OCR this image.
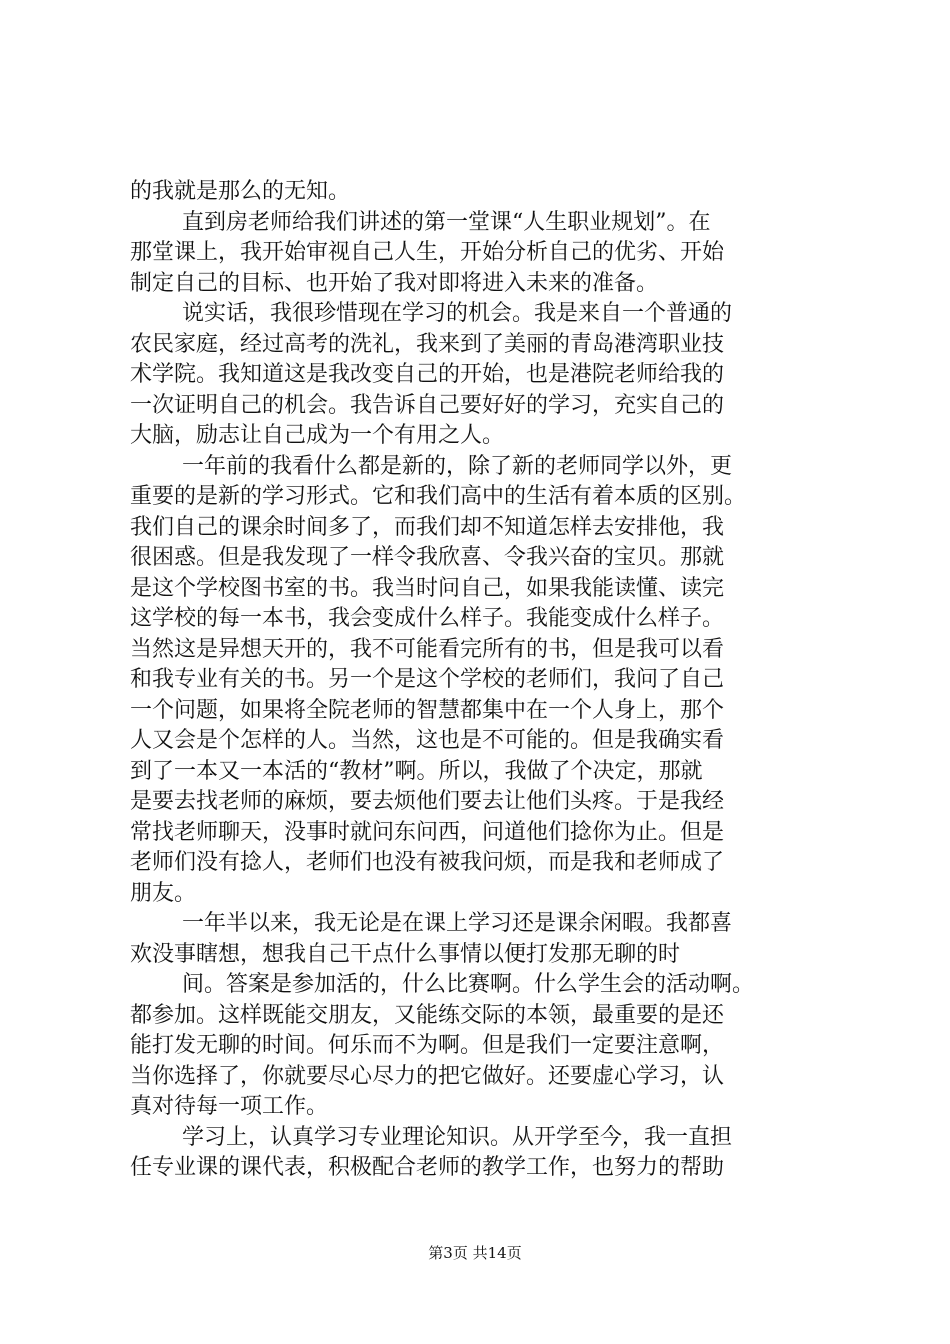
的我就是那么的无知。
直到房老师给我们讲述的第一堂课“人生职业规划”。在
那堂课上，我开始审视自己人生，开始分析自己的优劣、开始
制定自己的目标、也开始了我对即将进入未来的准备。
说实话，我很珍惜现在学习的机会。我是来自一个普通的
农民家庭，经过高考的洗礼，我来到了美丽的青岛港湾职业技
术学院。我知道这是我改变自己的开始，也是港院老师给我的
一次证明自己的机会。我告诉自己要好好的学习，充实自己的
大脑，励志让自己成为一个有用之人。
一年前的我看什么都是新的，除了新的老师同学以外，更
重要的是新的学习形式。它和我们高中的生活有着本质的区别。
我们自己的课余时间多了，而我们却不知道怎样去安排他，我
很困惑。但是我发现了一样令我欣喜、令我兴奋的宝贝。那就
是这个学校图书室的书。我当时问自己，如果我能读懂、读完
这学校的每一本书，我会变成什么样子。我能变成什么样子。
当然这是异想天开的，我不可能看完所有的书，但是我可以看
和我专业有关的书。另一个是这个学校的老师们，我问了自己
一个问题，如果将全院老师的智慧都集中在一个人身上，那个
人又会是个怎样的人。当然，这也是不可能的。但是我确实看
到了一本又一本活的“教材”啊。所以，我做了个决定，那就
是要去找老师的麻烦，要去烦他们要去让他们头疼。于是我经
常找老师聊天，没事时就问东问西，问道他们捻你为止。但是
老师们没有捻人，老师们也没有被我问烦，而是我和老师成了
朋友。
一年半以来，我无论是在课上学习还是课余闲暇。我都喜
欢没事瞎想，想我自己干点什么事情以便打发那无聊的时
间。答案是参加活的，什么比赛啊。什么学生会的活动啊。
都参加。这样既能交朋友，又能练交际的本领，最重要的是还
能打发无聊的时间。何乐而不为啊。但是我们一定要注意啊，
当你选择了，你就要尽心尽力的把它做好。还要虚心学习，认
真对待每一项工作。
学习上，认真学习专业理论知识。从开学至今，我一直担
任专业课的课代表，积极配合老师的教学工作，也努力的帮助
第3页 共14页
